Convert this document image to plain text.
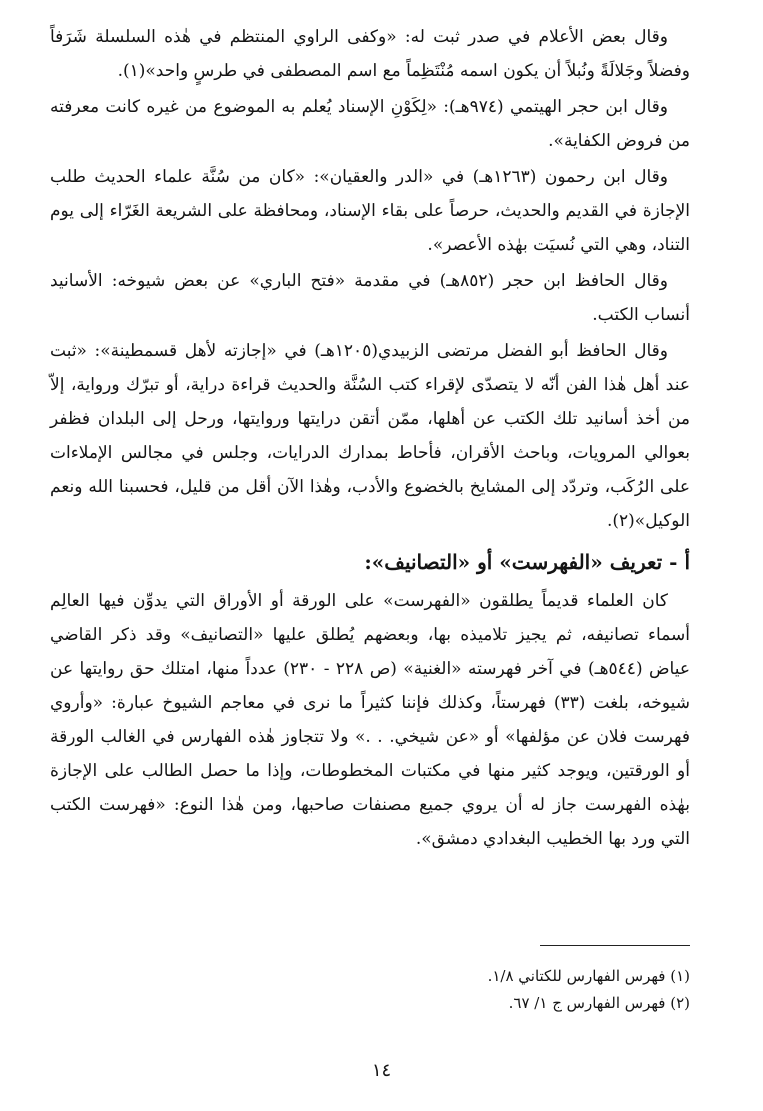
وقال بعض الأعلام في صدر ثبت له: «وكفى الراوي المنتظم في هٰذه السلسلة شَرَفاً وفضلاً وجَلالَةً ونُبلاً أن يكون اسمه مُنْتَظِماً مع اسم المصطفى في طرسٍ واحد»(١).

وقال ابن حجر الهيتمي (٩٧٤هـ): «لِكَوْنِ الإسناد يُعلم به الموضوع من غيره كانت معرفته من فروض الكفاية».

وقال ابن رحمون (١٢٦٣هـ) في «الدر والعقيان»: «كان من سُنَّة علماء الحديث طلب الإجازة في القديم والحديث، حرصاً على بقاء الإسناد، ومحافظة على الشريعة الغَرّاء إلى يوم التناد، وهي التي نُسيَت بهٰذه الأعصر».

وقال الحافظ ابن حجر (٨٥٢هـ) في مقدمة «فتح الباري» عن بعض شيوخه: الأسانيد أنساب الكتب.

وقال الحافظ أبو الفضل مرتضى الزبيدي(١٢٠٥هـ) في «إجازته لأهل قسمطينة»: «ثبت عند أهل هٰذا الفن أنّه لا يتصدّى لإقراء كتب السُنَّة والحديث قراءة دراية، أو تبرّك ورواية، إلاّ من أخذ أسانيد تلك الكتب عن أهلها، ممّن أتقن درايتها وروايتها، ورحل إلى البلدان فظفر بعوالي المرويات، وباحث الأقران، فأحاط بمدارك الدرايات، وجلس في مجالس الإملاءات على الرُكَب، وتردّد إلى المشايخ بالخضوع والأدب، وهٰذا الآن أقل من قليل، فحسبنا الله ونعم الوكيل»(٢).

أ - تعريف «الفهرست» أو «التصانيف»:

كان العلماء قديماً يطلقون «الفهرست» على الورقة أو الأوراق التي يدوِّن فيها العالِم أسماء تصانيفه، ثم يجيز تلاميذه بها، وبعضهم يُطلق عليها «التصانيف» وقد ذكر القاضي عياض (٥٤٤هـ) في آخر فهرسته «الغنية» (ص ٢٢٨ - ٢٣٠) عدداً منها، امتلك حق روايتها عن شيوخه، بلغت (٣٣) فهرستاً، وكذلك فإننا كثيراً ما نرى في معاجم الشيوخ عبارة: «وأروي فهرست فلان عن مؤلفها» أو «عن شيخي. . .» ولا تتجاوز هٰذه الفهارس في الغالب الورقة أو الورقتين، ويوجد كثير منها في مكتبات المخطوطات، وإذا ما حصل الطالب على الإجازة بهٰذه الفهرست جاز له أن يروي جميع مصنفات صاحبها، ومن هٰذا النوع: «فهرست الكتب التي ورد بها الخطيب البغدادي دمشق».

(١) فهرس الفهارس للكتاني ١/٨.

(٢) فهرس الفهارس ج ١/ ٦٧.

١٤
